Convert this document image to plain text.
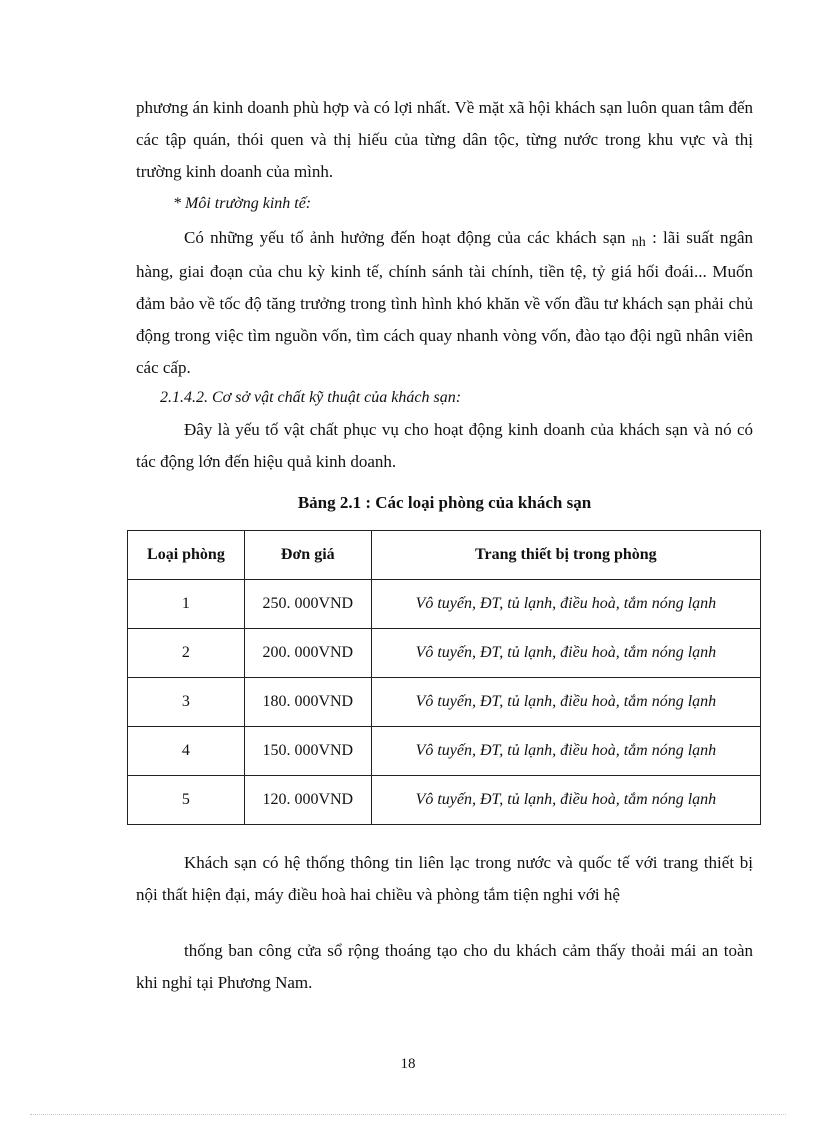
phương án kinh doanh phù hợp và có lợi nhất. Về mặt xã hội khách sạn luôn quan tâm đến các tập quán, thói quen và thị hiếu của từng dân tộc, từng nước trong khu vực và thị trường kinh doanh của mình.

* Môi trường kinh tế:

Có những yếu tố ảnh hưởng đến hoạt động của các khách sạn nh : lãi suất ngân hàng, giai đoạn của chu kỳ kinh tế, chính sánh tài chính, tiền tệ, tỷ giá hối đoái... Muốn đảm bảo về tốc độ tăng trưởng trong tình hình khó khăn về vốn đầu tư khách sạn phải chủ động trong việc tìm nguồn vốn, tìm cách quay nhanh vòng vốn, đào tạo đội ngũ nhân viên các cấp.

2.1.4.2. Cơ sở vật chất kỹ thuật của khách sạn:

Đây là yếu tố vật chất phục vụ cho hoạt động kinh doanh của khách sạn và nó có tác động lớn đến hiệu quả kinh doanh.

Bảng 2.1 : Các loại phòng của khách sạn

Loại phòng	Đơn giá	Trang thiết bị trong phòng
1	250. 000VND	Vô tuyến, ĐT, tủ lạnh, điều hoà, tắm nóng lạnh
2	200. 000VND	Vô tuyến, ĐT, tủ lạnh, điều hoà, tắm nóng lạnh
3	180. 000VND	Vô tuyến, ĐT, tủ lạnh, điều hoà, tắm nóng lạnh
4	150. 000VND	Vô tuyến, ĐT, tủ lạnh, điều hoà, tắm nóng lạnh
5	120. 000VND	Vô tuyến, ĐT, tủ lạnh, điều hoà, tắm nóng lạnh

Khách sạn có hệ thống thông tin liên lạc trong nước và quốc tế với trang thiết bị nội thất hiện đại, máy điều hoà hai chiều và phòng tắm tiện nghi với hệ

thống ban công cửa sổ rộng thoáng tạo cho du khách cảm thấy thoải mái an toàn khi nghỉ tại Phương Nam.

18
